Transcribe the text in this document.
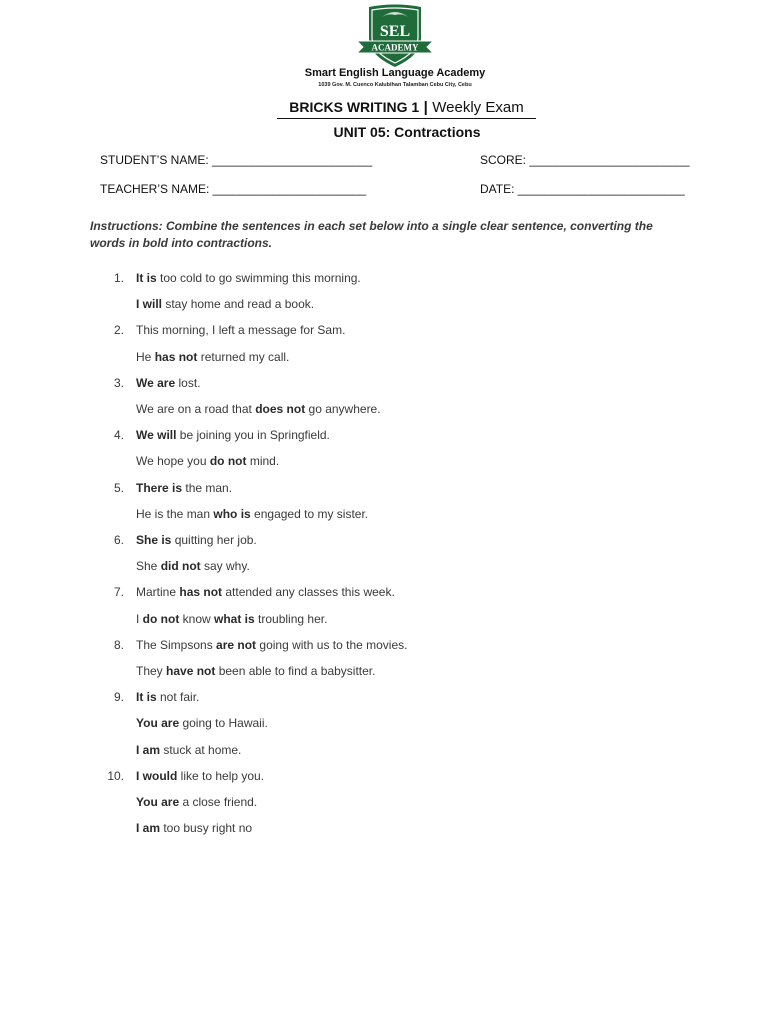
SEL
ACADEMY
Smart English Language Academy
1039 Gov. M. Cuenco Kalubihan Talamban Cebu City, Cebu
BRICKS WRITING 1 | Weekly Exam
UNIT 05: Contractions
STUDENT’S NAME: ________________________	SCORE: ________________________
TEACHER’S NAME: _______________________	DATE: _________________________
Instructions: Combine the sentences in each set below into a single clear sentence, converting the words in bold into contractions.
1. It is too cold to go swimming this morning.
I will stay home and read a book.
2. This morning, I left a message for Sam.
He has not returned my call.
3. We are lost.
We are on a road that does not go anywhere.
4. We will be joining you in Springfield.
We hope you do not mind.
5. There is the man.
He is the man who is engaged to my sister.
6. She is quitting her job.
She did not say why.
7. Martine has not attended any classes this week.
I do not know what is troubling her.
8. The Simpsons are not going with us to the movies.
They have not been able to find a babysitter.
9. It is not fair.
You are going to Hawaii.
I am stuck at home.
10. I would like to help you.
You are a close friend.
I am too busy right no
